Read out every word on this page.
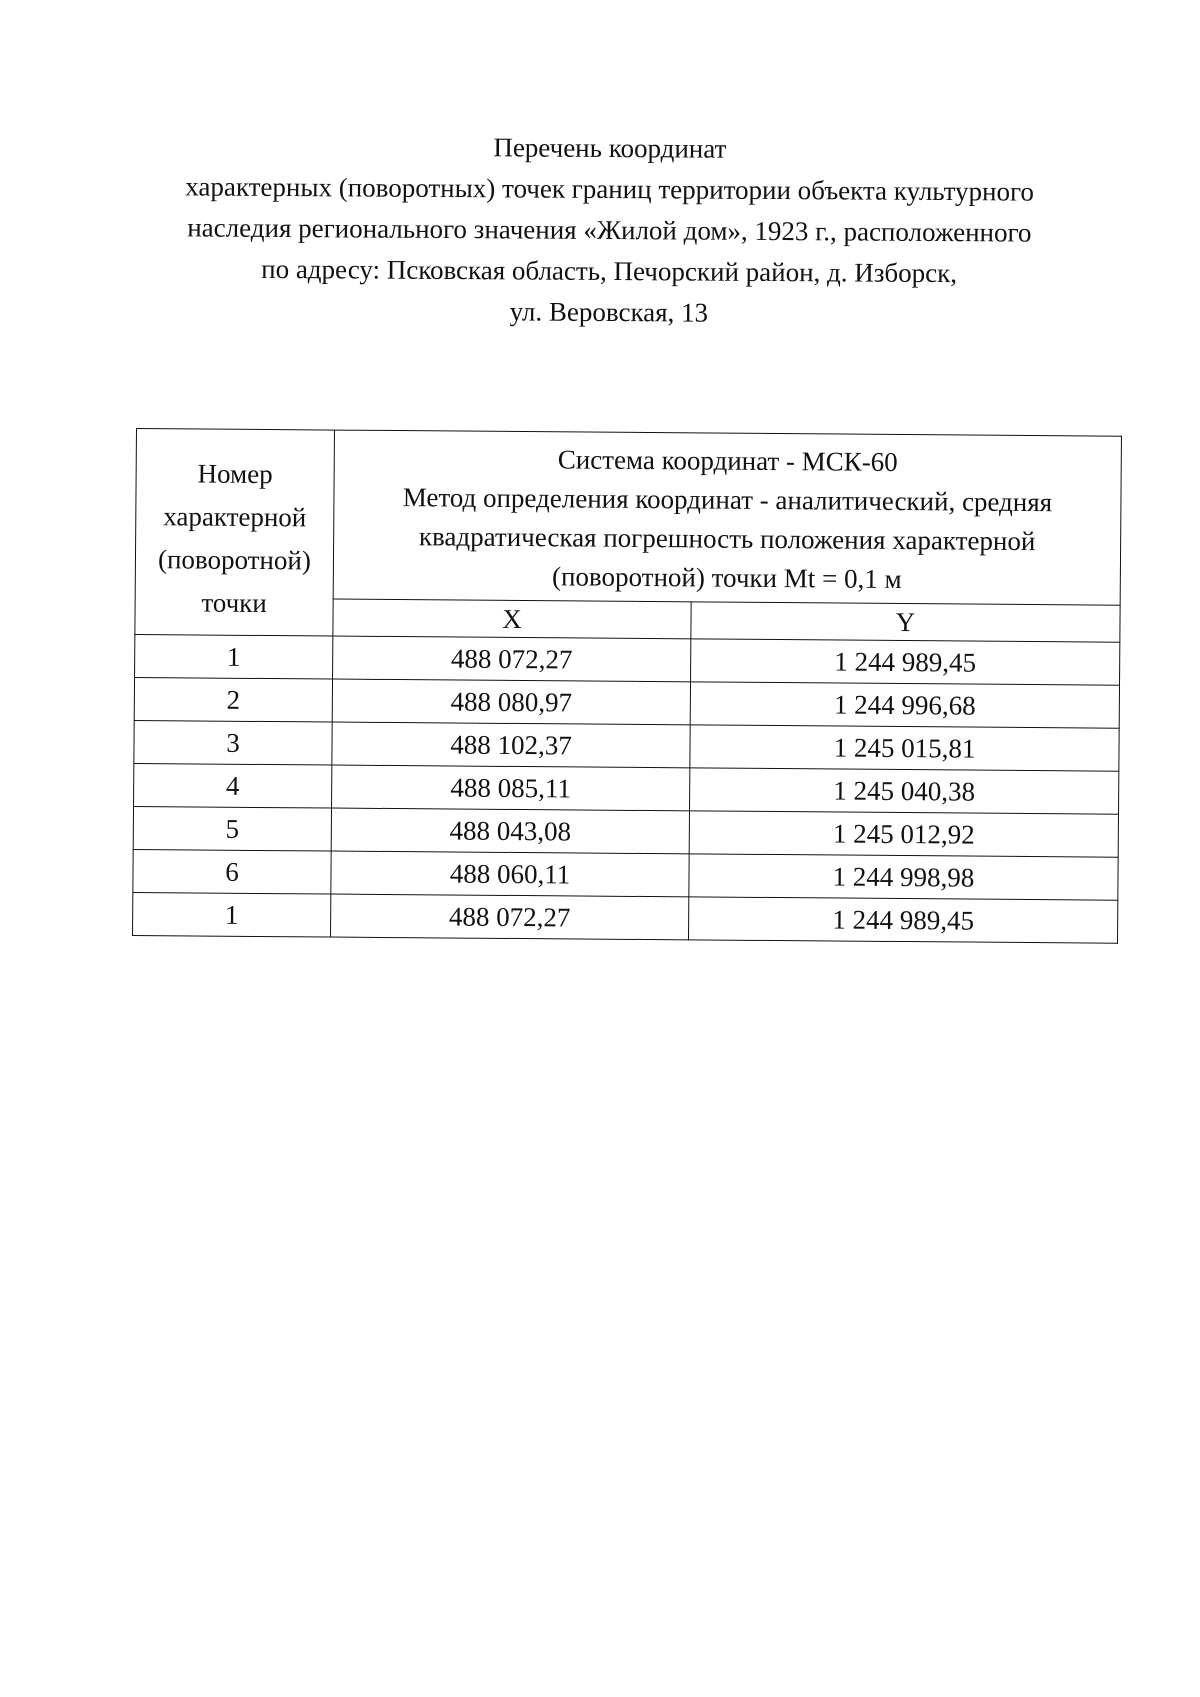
Перечень координат
характерных (поворотных) точек границ территории объекта культурного
наследия регионального значения «Жилой дом», 1923 г., расположенного
по адресу: Псковская область, Печорский район, д. Изборск,
ул. Веровская, 13
Номер
характерной
(поворотной)
точки	Система координат - МСК-60
Метод определения координат - аналитический, средняя
квадратическая погрешность положения характерной
(поворотной) точки Mt = 0,1 м	

	X	Y
1	488 072,27	1 244 989,45
2	488 080,97	1 244 996,68
3	488 102,37	1 245 015,81
4	488 085,11	1 245 040,38
5	488 043,08	1 245 012,92
6	488 060,11	1 244 998,98
1	488 072,27	1 244 989,45
